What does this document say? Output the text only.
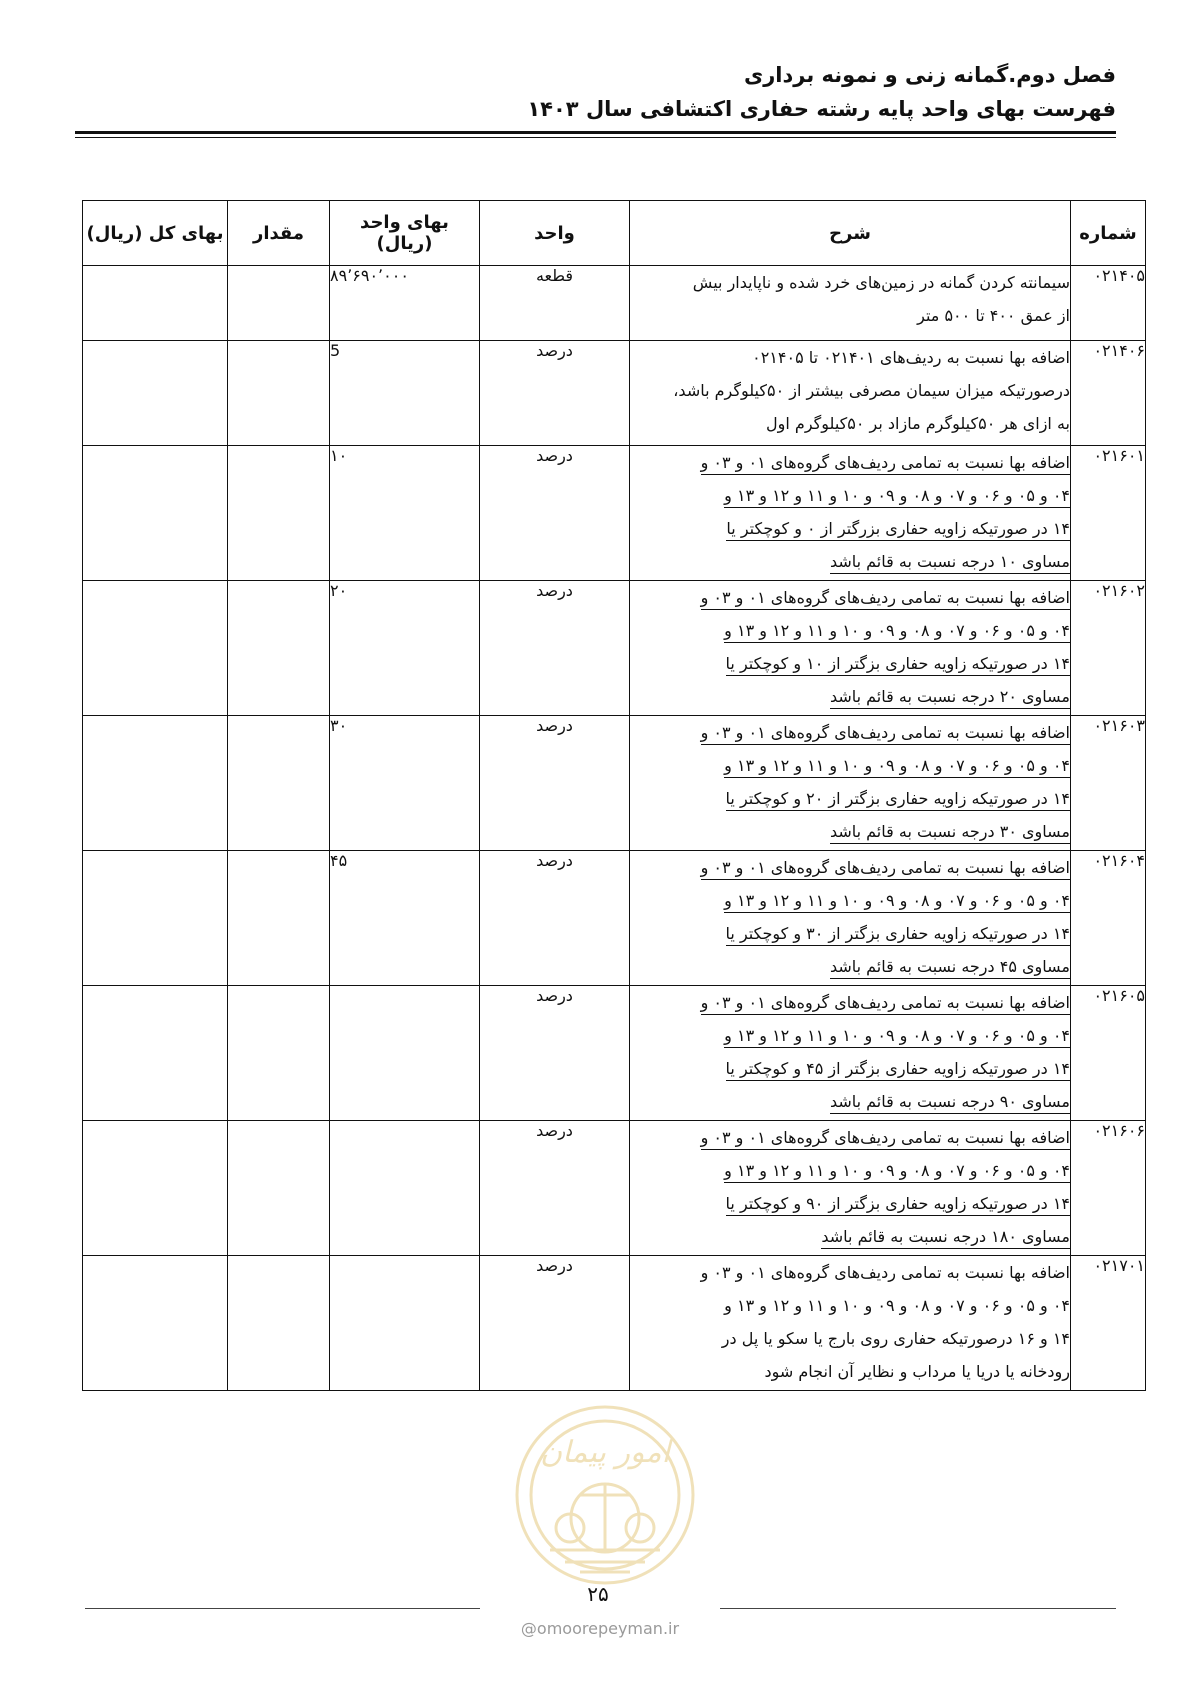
فصل دوم.گمانه زنی و نمونه برداری
فهرست بهای واحد پایه رشته حفاری اکتشافی سال ۱۴۰۳
شماره	شرح	واحد	بهای واحد (ریال)	مقدار	بهای کل (ریال)
۰۲۱۴۰۵	سیمانته کردن گمانه در زمین‌های خرد شده و ناپایدار بیش
از عمق ۴۰۰ تا ۵۰۰ متر	قطعه	۸۹٬۶۹۰٬۰۰۰		
۰۲۱۴۰۶	اضافه بها نسبت به ردیف‌های ۰۲۱۴۰۱ تا ۰۲۱۴۰۵
درصورتیکه میزان سیمان مصرفی بیشتر از ۵۰کیلوگرم باشد،
به ازای هر ۵۰کیلوگرم مازاد بر ۵۰کیلوگرم اول	درصد	5		
۰۲۱۶۰۱	اضافه بها نسبت به تمامی ردیف‌های گروه‌های ۰۱ و ۰۳ و
۰۴ و ۰۵ و ۰۶ و ۰۷ و ۰۸ و ۰۹ و ۱۰ و ۱۱ و ۱۲ و ۱۳ و
۱۴ در صورتیکه زاویه حفاری بزرگتر از ۰ و کوچکتر یا
مساوی ۱۰ درجه نسبت به قائم باشد	درصد	۱۰		
۰۲۱۶۰۲	اضافه بها نسبت به تمامی ردیف‌های گروه‌های ۰۱ و ۰۳ و
۰۴ و ۰۵ و ۰۶ و ۰۷ و ۰۸ و ۰۹ و ۱۰ و ۱۱ و ۱۲ و ۱۳ و
۱۴ در صورتیکه زاویه حفاری بزگتر از ۱۰ و کوچکتر یا
مساوی ۲۰ درجه نسبت به قائم باشد	درصد	۲۰		
۰۲۱۶۰۳	اضافه بها نسبت به تمامی ردیف‌های گروه‌های ۰۱ و ۰۳ و
۰۴ و ۰۵ و ۰۶ و ۰۷ و ۰۸ و ۰۹ و ۱۰ و ۱۱ و ۱۲ و ۱۳ و
۱۴ در صورتیکه زاویه حفاری بزگتر از ۲۰ و کوچکتر یا
مساوی ۳۰ درجه نسبت به قائم باشد	درصد	۳۰		
۰۲۱۶۰۴	اضافه بها نسبت به تمامی ردیف‌های گروه‌های ۰۱ و ۰۳ و
۰۴ و ۰۵ و ۰۶ و ۰۷ و ۰۸ و ۰۹ و ۱۰ و ۱۱ و ۱۲ و ۱۳ و
۱۴ در صورتیکه زاویه حفاری بزگتر از ۳۰ و کوچکتر یا
مساوی ۴۵ درجه نسبت به قائم باشد	درصد	۴۵		
۰۲۱۶۰۵	اضافه بها نسبت به تمامی ردیف‌های گروه‌های ۰۱ و ۰۳ و
۰۴ و ۰۵ و ۰۶ و ۰۷ و ۰۸ و ۰۹ و ۱۰ و ۱۱ و ۱۲ و ۱۳ و
۱۴ در صورتیکه زاویه حفاری بزگتر از ۴۵ و کوچکتر یا
مساوی ۹۰ درجه نسبت به قائم باشد	درصد			
۰۲۱۶۰۶	اضافه بها نسبت به تمامی ردیف‌های گروه‌های ۰۱ و ۰۳ و
۰۴ و ۰۵ و ۰۶ و ۰۷ و ۰۸ و ۰۹ و ۱۰ و ۱۱ و ۱۲ و ۱۳ و
۱۴ در صورتیکه زاویه حفاری بزگتر از ۹۰ و کوچکتر یا
مساوی ۱۸۰ درجه نسبت به قائم باشد	درصد			
۰۲۱۷۰۱	اضافه بها نسبت به تمامی ردیف‌های گروه‌های ۰۱ و ۰۳ و
۰۴ و ۰۵ و ۰۶ و ۰۷ و ۰۸ و ۰۹ و ۱۰ و ۱۱ و ۱۲ و ۱۳ و
۱۴ و ۱۶ درصورتیکه حفاری روی بارج یا سکو یا پل در
رودخانه یا دریا یا مرداب و نظایر آن انجام شود	درصد			
امور پیمان
۲۵
@omoorepeyman.ir
